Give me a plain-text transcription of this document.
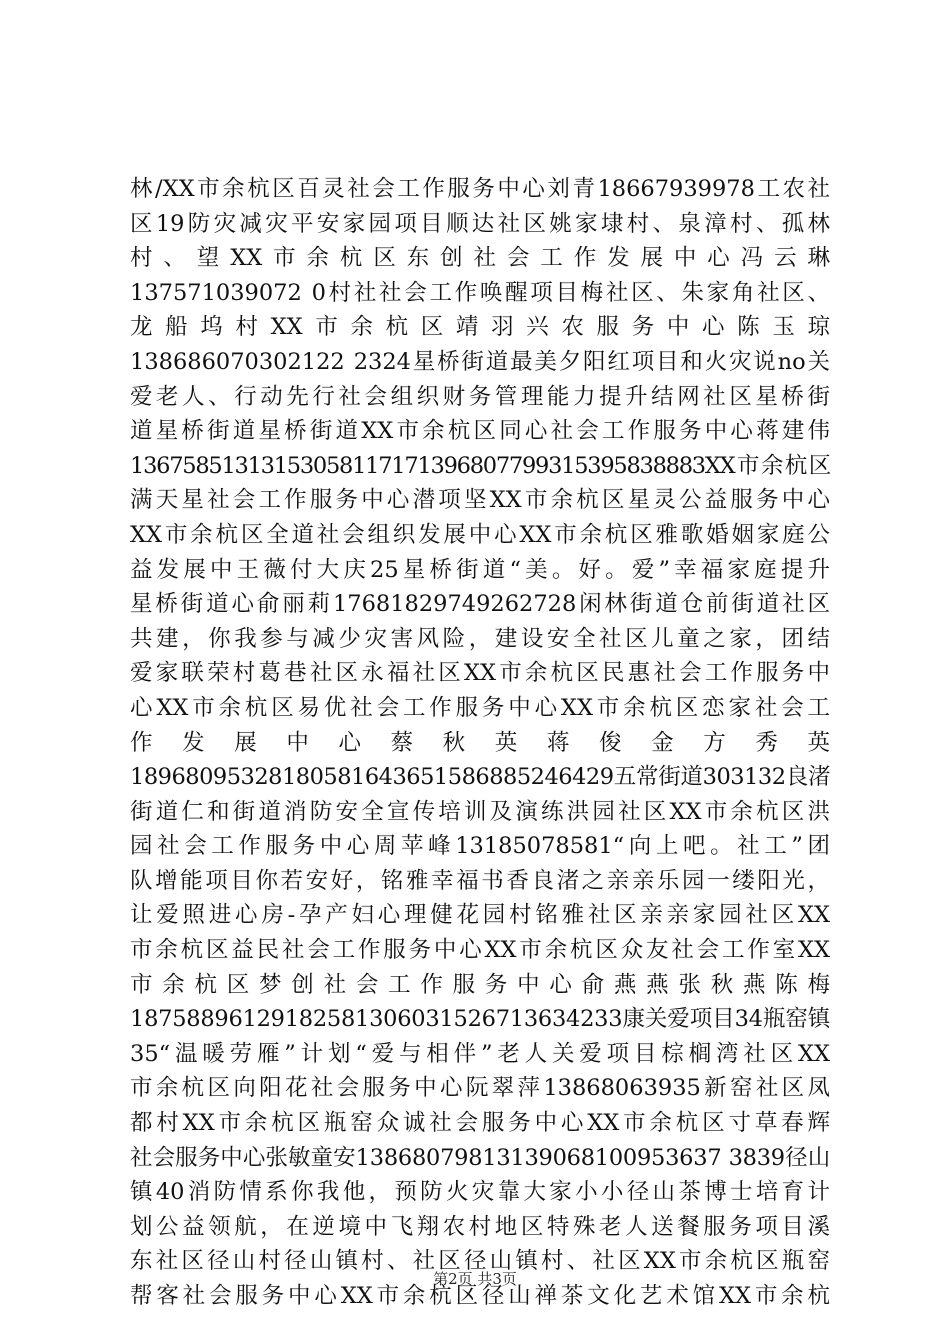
林/XX市余杭区百灵社会工作服务中心刘青18667939978工农社
区19防灾减灾平安家园项目顺达社区姚家埭村、泉漳村、孤林
村、望XX市余杭区东创社会工作发展中心冯云琳
137571039072 0村社社会工作唤醒项目梅社区、朱家角社区、
龙船坞村XX市余杭区靖羽兴农服务中心陈玉琼
138686070302122 2324星桥街道最美夕阳红项目和火灾说no关
爱老人、行动先行社会组织财务管理能力提升结网社区星桥街
道星桥街道星桥街道XX市余杭区同心社会工作服务中心蒋建伟
13675851313153058117171396807799315395838883XX市余杭区
满天星社会工作服务中心潜项坚XX市余杭区星灵公益服务中心
XX市余杭区全道社会组织发展中心XX市余杭区雅歌婚姻家庭公
益发展中王薇付大庆25星桥街道“美。好。爱”幸福家庭提升
星桥街道心俞丽莉17681829749262728闲林街道仓前街道社区
共建，你我参与减少灾害风险，建设安全社区儿童之家，团结
爱家联荣村葛巷社区永福社区XX市余杭区民惠社会工作服务中
心XX市余杭区易优社会工作服务中心XX市余杭区恋家社会工
作发展中心蔡秋英蒋俊金方秀英
18968095328180581643651586885246429五常街道303132良渚
街道仁和街道消防安全宣传培训及演练洪园社区XX市余杭区洪
园社会工作服务中心周苹峰13185078581“向上吧。社工”团
队增能项目你若安好，铭雅幸福书香良渚之亲亲乐园一缕阳光，
让爱照进心房-孕产妇心理健花园村铭雅社区亲亲家园社区XX
市余杭区益民社会工作服务中心XX市余杭区众友社会工作室XX
市余杭区梦创社会工作服务中心俞燕燕张秋燕陈梅
18758896129182581306031526713634233康关爱项目34瓶窑镇
35“温暖劳雁”计划“爱与相伴”老人关爱项目棕榈湾社区XX
市余杭区向阳花社会服务中心阮翠萍13868063935新窑社区凤
都村XX市余杭区瓶窑众诚社会服务中心XX市余杭区寸草春辉
社会服务中心张敏童安13868079813139068100953637 3839径山
镇40消防情系你我他，预防火灾靠大家小小径山茶博士培育计
划公益领航，在逆境中飞翔农村地区特殊老人送餐服务项目溪
东社区径山村径山镇村、社区径山镇村、社区XX市余杭区瓶窑
帮客社会服务中心XX市余杭区径山禅茶文化艺术馆XX市余杭
第2页 共3页
